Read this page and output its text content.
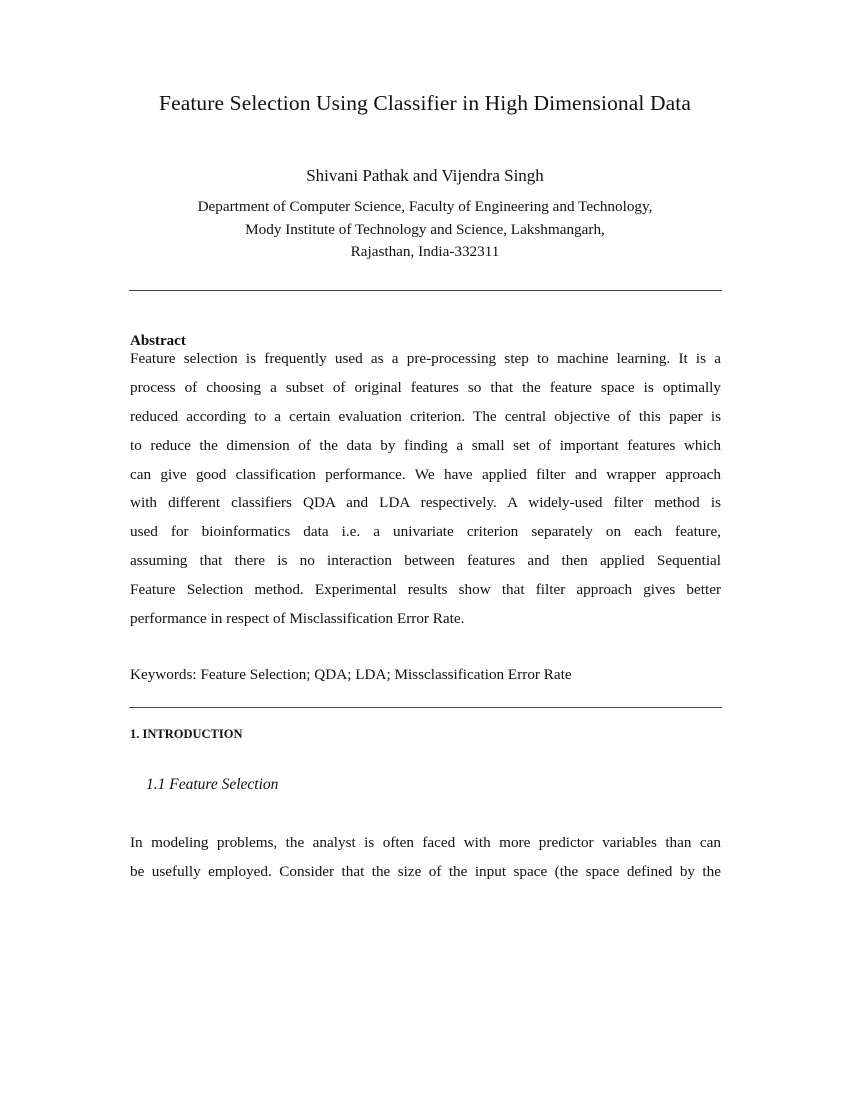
Feature Selection Using Classifier in High Dimensional Data
Shivani Pathak and Vijendra Singh
Department of Computer Science, Faculty of Engineering and Technology,
Mody Institute of Technology and Science, Lakshmangarh,
Rajasthan, India-332311
Abstract
Feature selection is frequently used as a pre-processing step to machine learning. It is a
process of choosing a subset of original features so that the feature space is optimally
reduced according to a certain evaluation criterion. The central objective of this paper is
to reduce the dimension of the data by finding a small set of important features which
can give good classification performance. We have applied filter and wrapper approach
with different classifiers QDA and LDA respectively. A widely-used filter method is
used for bioinformatics data i.e. a univariate criterion separately on each feature,
assuming that there is no interaction between features and then applied Sequential
Feature Selection method. Experimental results show that filter approach gives better
performance in respect of Misclassification Error Rate.
Keywords: Feature Selection; QDA; LDA; Missclassification Error Rate
1. INTRODUCTION
1.1 Feature Selection
In modeling problems, the analyst is often faced with more predictor variables than can
be usefully employed. Consider that the size of the input space (the space defined by the
